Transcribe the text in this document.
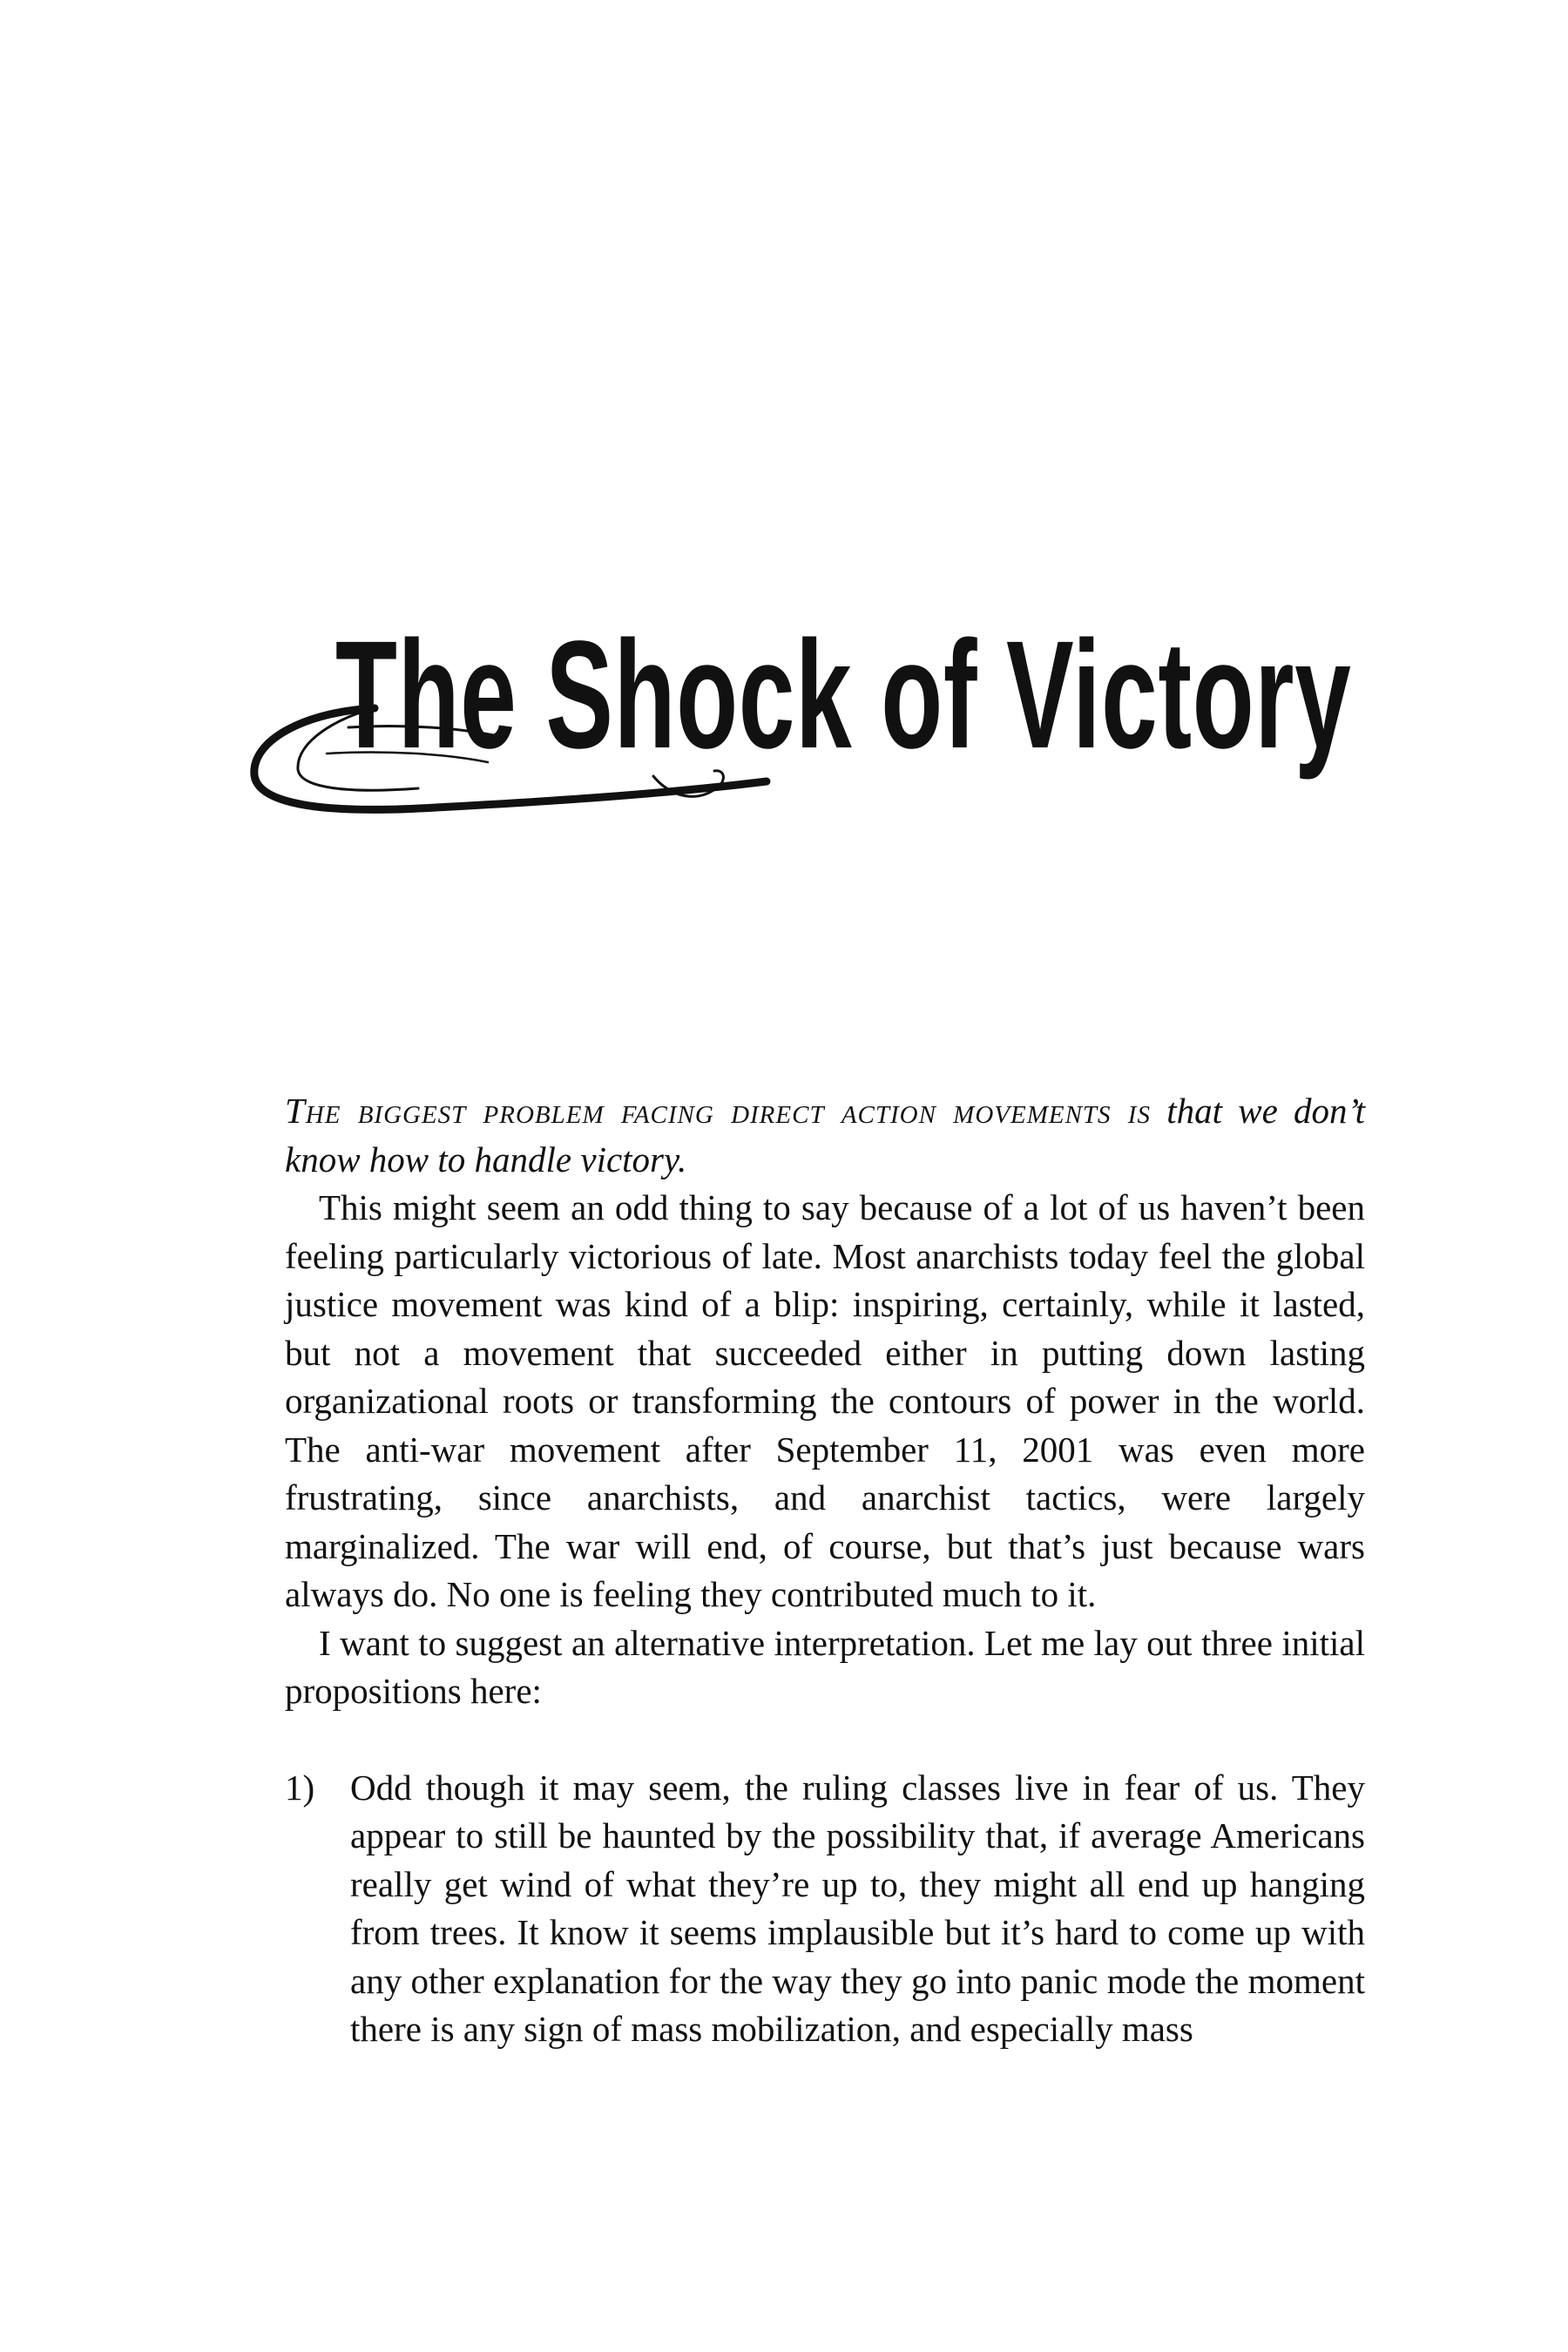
The Shock of Victory

The biggest problem facing direct action movements is that we don’t know how to handle victory.

This might seem an odd thing to say because of a lot of us haven’t been feeling particularly victorious of late. Most anarchists today feel the global justice movement was kind of a blip: inspiring, certainly, while it lasted, but not a movement that succeeded either in putting down lasting organizational roots or transforming the contours of power in the world. The anti-war movement after September 11, 2001 was even more frustrating, since anarchists, and anarchist tactics, were largely marginalized. The war will end, of course, but that’s just because wars always do. No one is feeling they contributed much to it.

I want to suggest an alternative interpretation. Let me lay out three initial propositions here:

1) Odd though it may seem, the ruling classes live in fear of us. They appear to still be haunted by the possibility that, if average Americans really get wind of what they’re up to, they might all end up hanging from trees. It know it seems implausible but it’s hard to come up with any other explanation for the way they go into panic mode the moment there is any sign of mass mobilization, and especially mass
